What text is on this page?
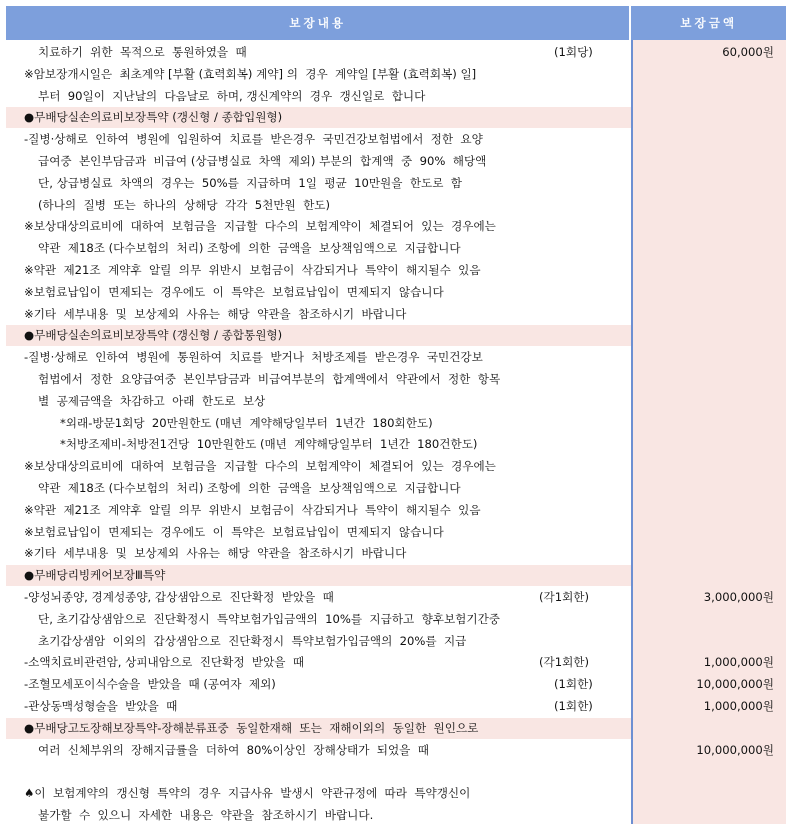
보장내용	보장금액
치료하기  위한  목적으로  통원하였을  때	(1회당)	60,000원
※암보장개시일은  최초계약 [부활 (효력회복) 계약] 의  경우  계약일 [부활 (효력회복) 일]
부터  90일이  지난날의  다음날로  하며, 갱신계약의  경우  갱신일로  합니다
●무배당실손의료비보장특약 (갱신형 / 종합입원형)
-질병·상해로  인하여  병원에  입원하여  치료를  받은경우  국민건강보험법에서  정한  요양
급여중  본인부담금과  비급여 (상급병실료  차액  제외) 부분의  합계액  중  90%  해당액
단, 상급병실료  차액의  경우는  50%를  지급하며  1일  평균  10만원을  한도로  함
(하나의  질병  또는  하나의  상해당  각각  5천만원  한도)
※보상대상의료비에  대하여  보험금을  지급할  다수의  보험계약이  체결되어  있는  경우에는
약관  제18조 (다수보험의  처리) 조항에  의한  금액을  보상책임액으로  지급합니다
※약관  제21조  계약후  알릴  의무  위반시  보험금이  삭감되거나  특약이  해지될수  있음
※보험료납입이  면제되는  경우에도  이  특약은  보험료납입이  면제되지  않습니다
※기타  세부내용  및  보상제외  사유는  해당  약관을  참조하시기  바랍니다
●무배당실손의료비보장특약 (갱신형 / 종합통원형)
-질병·상해로  인하여  병원에  통원하여  치료를  받거나  처방조제를  받은경우  국민건강보
험법에서  정한  요양급여중  본인부담금과  비급여부분의  합계액에서  약관에서  정한  항목
별  공제금액을  차감하고  아래  한도로  보상
*외래-방문1회당  20만원한도 (매년  계약해당일부터  1년간  180회한도)
*처방조제비-처방전1건당  10만원한도 (매년  계약해당일부터  1년간  180건한도)
※보상대상의료비에  대하여  보험금을  지급할  다수의  보험계약이  체결되어  있는  경우에는
약관  제18조 (다수보험의  처리) 조항에  의한  금액을  보상책임액으로  지급합니다
※약관  제21조  계약후  알릴  의무  위반시  보험금이  삭감되거나  특약이  해지될수  있음
※보험료납입이  면제되는  경우에도  이  특약은  보험료납입이  면제되지  않습니다
※기타  세부내용  및  보상제외  사유는  해당  약관을  참조하시기  바랍니다
●무배당리빙케어보장Ⅲ특약
-양성뇌종양, 경계성종양, 갑상샘암으로  진단확정  받았을  때	(각1회한)	3,000,000원
단, 초기갑상샘암으로  진단확정시  특약보험가입금액의  10%를  지급하고  향후보험기간중
초기갑상샘암  이외의  갑상샘암으로  진단확정시  특약보험가입금액의  20%를  지급
-소액치료비관련암, 상피내암으로  진단확정  받았을  때	(각1회한)	1,000,000원
-조혈모세포이식수술을  받았을  때 (공여자  제외)	(1회한)	10,000,000원
-관상동맥성형술을  받았을  때	(1회한)	1,000,000원
●무배당고도장해보장특약-장해분류표중  동일한재해  또는  재해이외의  동일한  원인으로
여러  신체부위의  장해지급률을  더하여  80%이상인  장해상태가  되었을  때	10,000,000원
♠이  보험계약의  갱신형  특약의  경우  지급사유  발생시  약관규정에  따라  특약갱신이
불가할  수  있으니  자세한  내용은  약관을  참조하시기  바랍니다.
